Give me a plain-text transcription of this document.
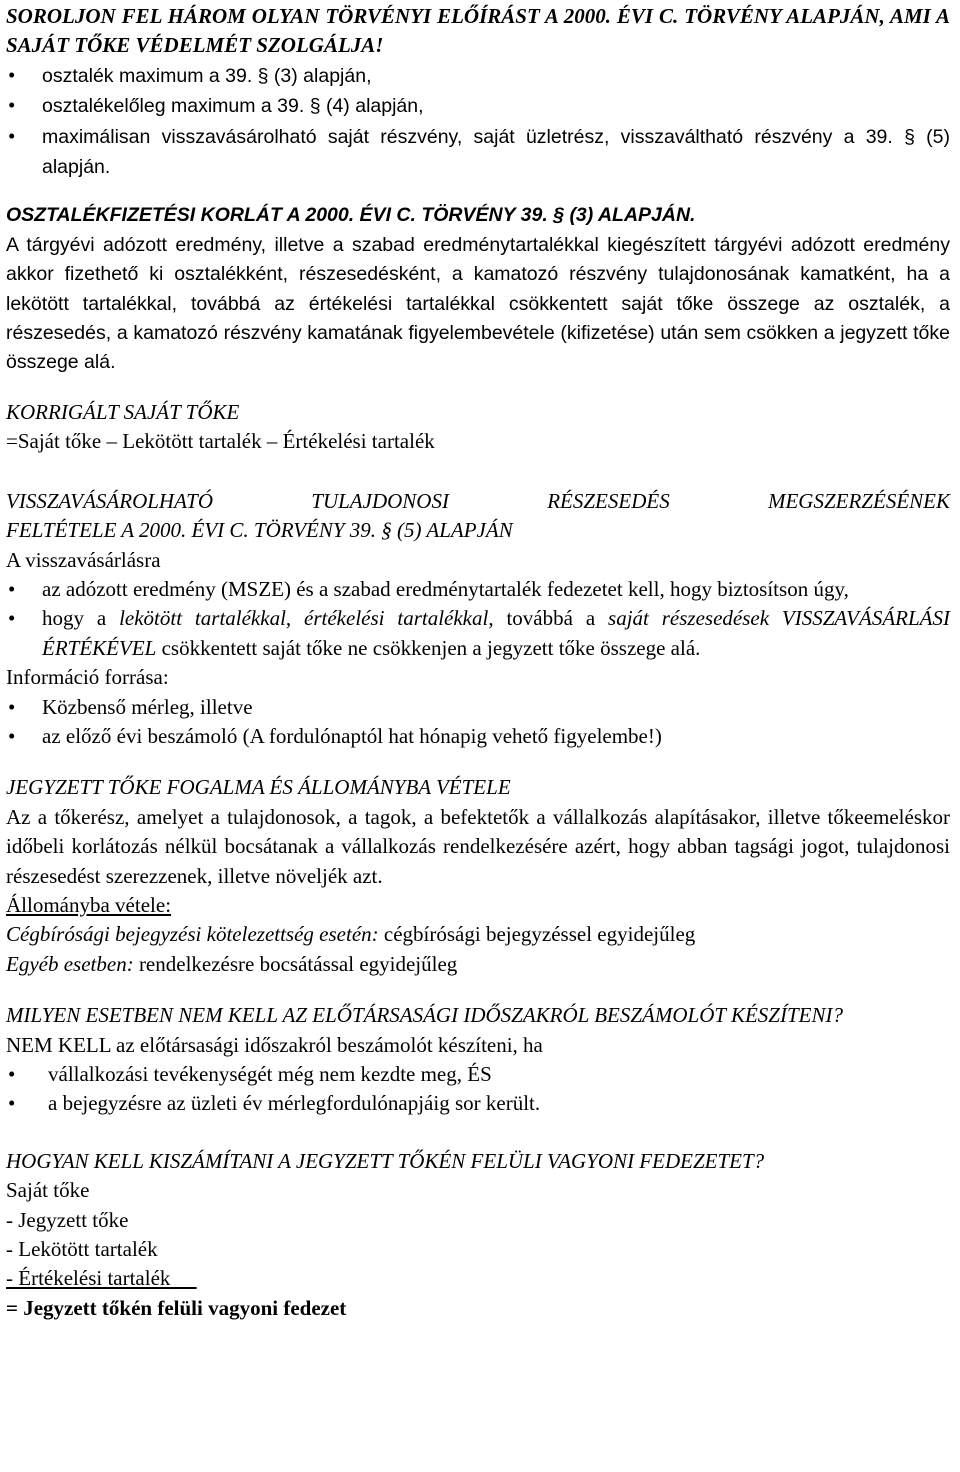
SOROLJON FEL HÁROM OLYAN TÖRVÉNYI ELŐÍRÁST A 2000. ÉVI C. TÖRVÉNY ALAPJÁN, AMI A SAJÁT TŐKE VÉDELMÉT SZOLGÁLJA!

•	osztalék maximum a 39. § (3) alapján,
•	osztalékelőleg maximum a 39. § (4) alapján,
•	maximálisan visszavásárolható saját részvény, saját üzletrész, visszaváltható részvény a 39. § (5) alapján.

OSZTALÉKFIZETÉSI KORLÁT A 2000. ÉVI C. TÖRVÉNY 39. § (3) ALAPJÁN.

A tárgyévi adózott eredmény, illetve a szabad eredménytartalékkal kiegészített tárgyévi adózott eredmény akkor fizethető ki osztalékként, részesedésként, a kamatozó részvény tulajdonosának kamatként, ha a lekötött tartalékkal, továbbá az értékelési tartalékkal csökkentett saját tőke összege az osztalék, a részesedés, a kamatozó részvény kamatának figyelembevétele (kifizetése) után sem csökken a jegyzett tőke összege alá.

KORRIGÁLT SAJÁT TŐKE

=Saját tőke – Lekötött tartalék – Értékelési tartalék

VISSZAVÁSÁROLHATÓ TULAJDONOSI RÉSZESEDÉS MEGSZERZÉSÉNEK

FELTÉTELE A 2000. ÉVI C. TÖRVÉNY 39. § (5) ALAPJÁN

A visszavásárlásra

•	az adózott eredmény (MSZE) és a szabad eredménytartalék fedezetet kell, hogy biztosítson úgy,
•	hogy a lekötött tartalékkal, értékelési tartalékkal, továbbá a saját részesedések VISSZAVÁSÁRLÁSI ÉRTÉKÉVEL csökkentett saját tőke ne csökkenjen a jegyzett tőke összege alá.

Információ forrása:

•	Közbenső mérleg, illetve
•	az előző évi beszámoló (A fordulónaptól hat hónapig vehető figyelembe!)

JEGYZETT TŐKE FOGALMA ÉS ÁLLOMÁNYBA VÉTELE

Az a tőkerész, amelyet a tulajdonosok, a tagok, a befektetők a vállalkozás alapításakor, illetve tőkeemeléskor időbeli korlátozás nélkül bocsátanak a vállalkozás rendelkezésére azért, hogy abban tagsági jogot, tulajdonosi részesedést szerezzenek, illetve növeljék azt.

Állományba vétele:

Cégbírósági bejegyzési kötelezettség esetén: cégbírósági bejegyzéssel egyidejűleg

Egyéb esetben: rendelkezésre bocsátással egyidejűleg

MILYEN ESETBEN NEM KELL AZ ELŐTÁRSASÁGI IDŐSZAKRÓL BESZÁMOLÓT KÉSZÍTENI?

NEM KELL az előtársasági időszakról beszámolót készíteni, ha

•	vállalkozási tevékenységét még nem kezdte meg, ÉS
•	a bejegyzésre az üzleti év mérlegfordulónapjáig sor került.

HOGYAN KELL KISZÁMÍTANI A JEGYZETT TŐKÉN FELÜLI VAGYONI FEDEZETET?

Saját tőke

- Jegyzett tőke

- Lekötött tartalék

- Értékelési tartalék

= Jegyzett tőkén felüli vagyoni fedezet
